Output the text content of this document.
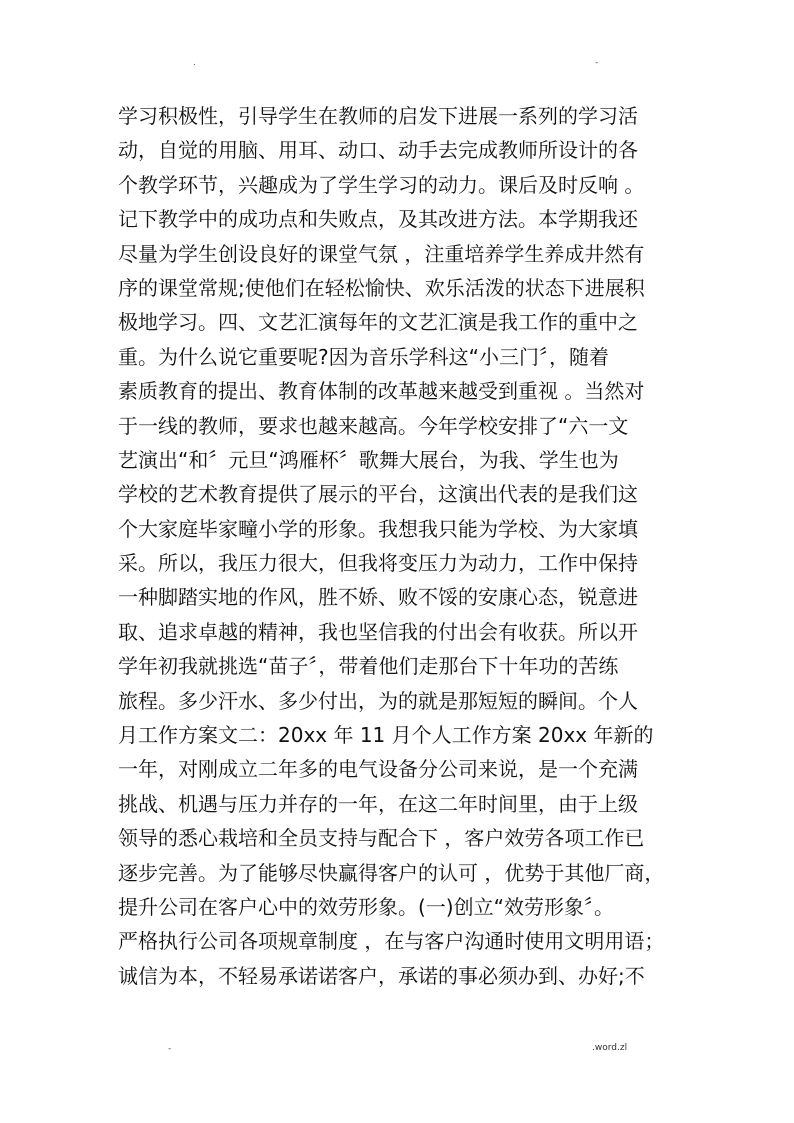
.	-
学习积极性，引导学生在教师的启发下进展一系列的学习活
动，自觉的用脑、用耳、动口、动手去完成教师所设计的各
个教学环节，兴趣成为了学生学习的动力。课后及时反响 。
记下教学中的成功点和失败点，及其改进方法。本学期我还
尽量为学生创设良好的课堂气氛 ，注重培养学生养成井然有
序的课堂常规;使他们在轻松愉快、欢乐活泼的状态下进展积
极地学习。四、文艺汇演每年的文艺汇演是我工作的重中之
重。为什么说它重要呢?因为音乐学科这“小三门〞，随着
素质教育的提出、教育体制的改革越来越受到重视 。当然对
于一线的教师，要求也越来越高。今年学校安排了“六一文
艺演出“和〞元旦“鸿雁杯〞歌舞大展台，为我、学生也为
学校的艺术教育提供了展示的平台，这演出代表的是我们这
个大家庭毕家疃小学的形象。我想我只能为学校、为大家填
采。所以，我压力很大，但我将变压力为动力，工作中保持
一种脚踏实地的作风，胜不娇、败不馁的安康心态，锐意进
取、追求卓越的精神，我也坚信我的付出会有收获。所以开
学年初我就挑选“苗子〞，带着他们走那台下十年功的苦练
旅程。多少汗水、多少付出，为的就是那短短的瞬间。个人
月工作方案文二：20xx 年 11 月个人工作方案 20xx 年新的
一年，对刚成立二年多的电气设备分公司来说，是一个充满
挑战、机遇与压力并存的一年，在这二年时间里，由于上级
领导的悉心栽培和全员支持与配合下 ，客户效劳各项工作已
逐步完善。为了能够尽快赢得客户的认可 ，优势于其他厂商，
提升公司在客户心中的效劳形象。(一)创立“效劳形象〞。
严格执行公司各项规章制度 ，在与客户沟通时使用文明用语；
诚信为本，不轻易承诺诺客户，承诺的事必须办到、办好;不
-	.word.zl
